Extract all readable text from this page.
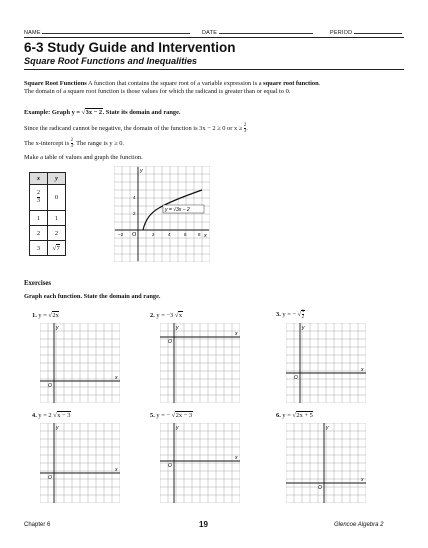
NAME	DATE	PERIOD
6-3 Study Guide and Intervention
Square Root Functions and Inequalities
Square Root Functions A function that contains the square root of a variable expression is a square root function.
The domain of a square root function is those values for which the radicand is greater than or equal to 0.
Example: Graph y = √3x − 2. State its domain and range.
Since the radicand cannot be negative, the domain of the function is 3x − 2 ≥ 0 or $x \ge \frac{2}{3}$ .
The x-intercept is $\frac{2}{3}$ . The range is y ≥ 0.
Make a table of values and graph the function.
x	y

$\frac{2}{3}$	0
1	1
2	2
3	√7
y = √3x − 2
y
x
O
4
2
−2	2	4	6	8
Exercises
Graph each function. State the domain and range.
1. y = √2x	2. y = −3 √x	3. y = − √ $\frac{x}{2}$
4. y = 2 √x − 3	5. y = − √2x − 3	6. y = √2x + 5
y
x
O
y
x
O
y
x
O
y
x
O
y
x
O
y
x
O
Chapter 6	19	Glencoe Algebra 2
